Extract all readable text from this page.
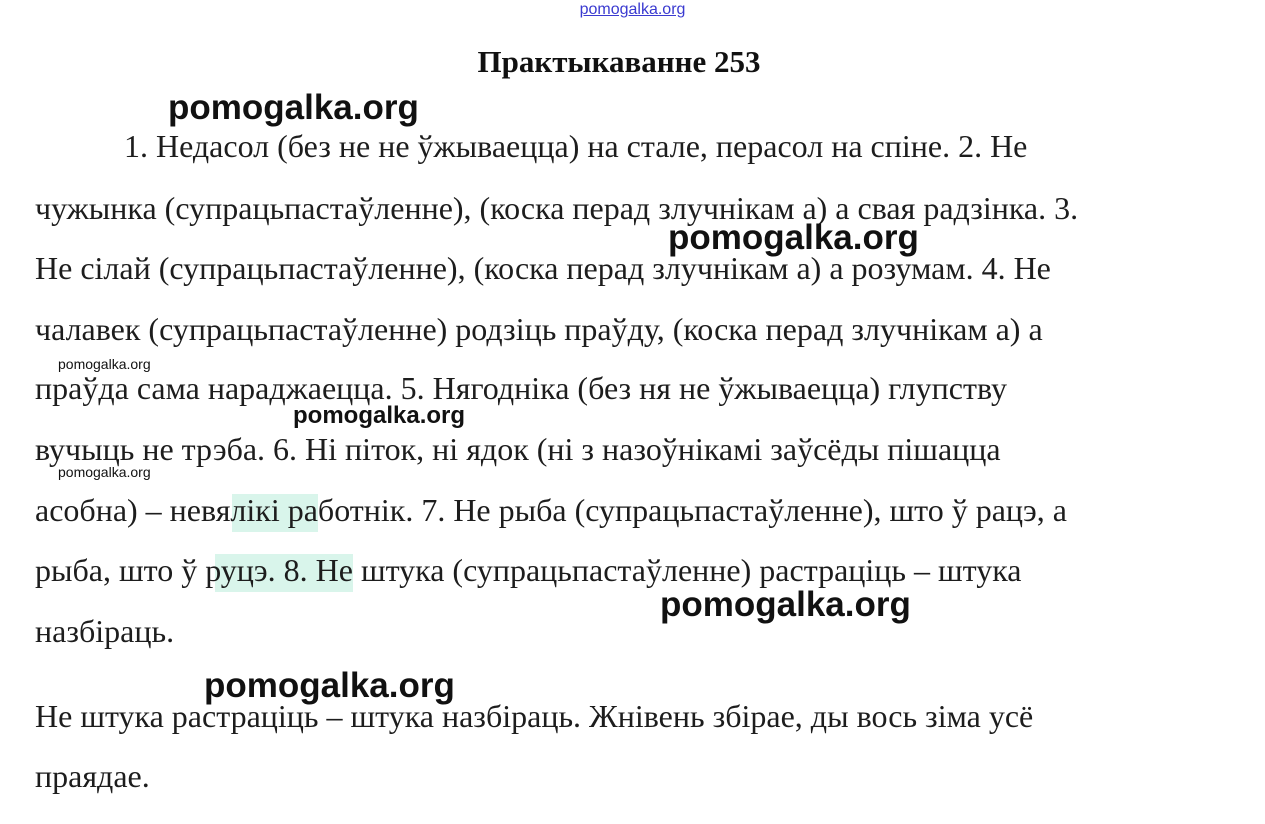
pomogalka.org
Практыкаванне 253
1. Недасол (без не не ўжываецца) на стале, перасол на спіне. 2. Не
чужынка (супрацьпастаўленне), (коска перад злучнікам а) а свая радзінка. 3.
Не сілай (супрацьпастаўленне), (коска перад злучнікам а) а розумам. 4. Не
чалавек (супрацьпастаўленне) родзіць праўду, (коска перад злучнікам а) а
праўда сама нараджаецца. 5. Нягодніка (без ня не ўжываецца) глупству
вучыць не трэба. 6. Ні піток, ні ядок (ні з назоўнікамі заўсёды пішацца
асобна) – невялікі работнік. 7. Не рыба (супрацьпастаўленне), што ў рацэ, а
рыба, што ў руцэ. 8. Не штука (супрацьпастаўленне) растраціць – штука
назбіраць.
Не штука растраціць – штука назбіраць. Жнівень збірае, ды вось зіма усё
праядае.
pomogalka.org
pomogalka.org
pomogalka.org
pomogalka.org
pomogalka.org
pomogalka.org
pomogalka.org
